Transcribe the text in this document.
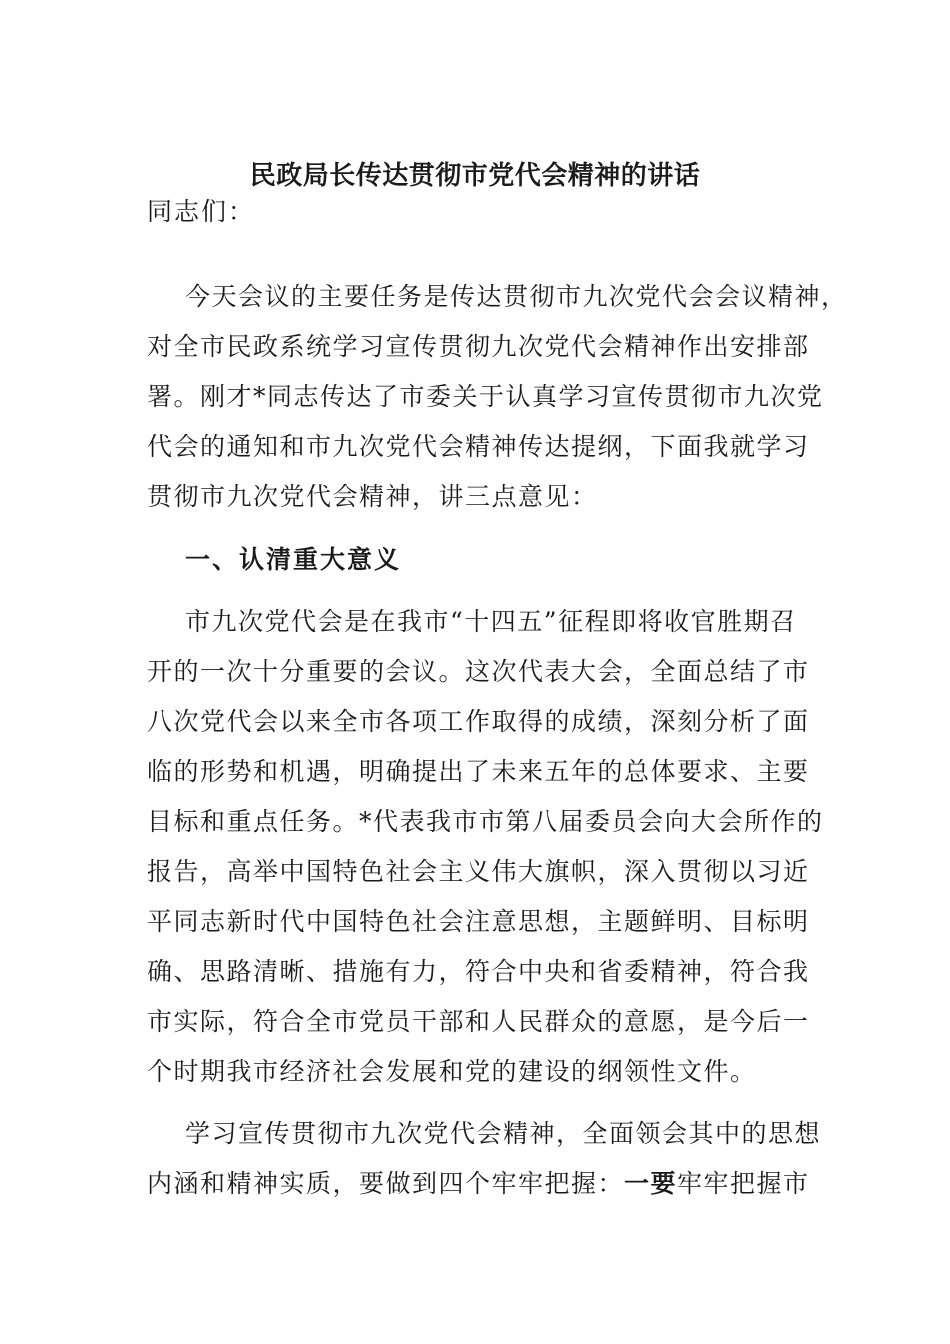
民政局长传达贯彻市党代会精神的讲话
同志们：
今天会议的主要任务是传达贯彻市九次党代会会议精神，
对全市民政系统学习宣传贯彻九次党代会精神作出安排部
署。刚才*同志传达了市委关于认真学习宣传贯彻市九次党
代会的通知和市九次党代会精神传达提纲，下面我就学习
贯彻市九次党代会精神，讲三点意见：
一、认清重大意义
市九次党代会是在我市“十四五”征程即将收官胜期召
开的一次十分重要的会议。这次代表大会，全面总结了市
八次党代会以来全市各项工作取得的成绩，深刻分析了面
临的形势和机遇，明确提出了未来五年的总体要求、主要
目标和重点任务。*代表我市市第八届委员会向大会所作的
报告，高举中国特色社会主义伟大旗帜，深入贯彻以习近
平同志新时代中国特色社会注意思想，主题鲜明、目标明
确、思路清晰、措施有力，符合中央和省委精神，符合我
市实际，符合全市党员干部和人民群众的意愿，是今后一
个时期我市经济社会发展和党的建设的纲领性文件。
学习宣传贯彻市九次党代会精神，全面领会其中的思想
内涵和精神实质，要做到四个牢牢把握：一要牢牢把握市
